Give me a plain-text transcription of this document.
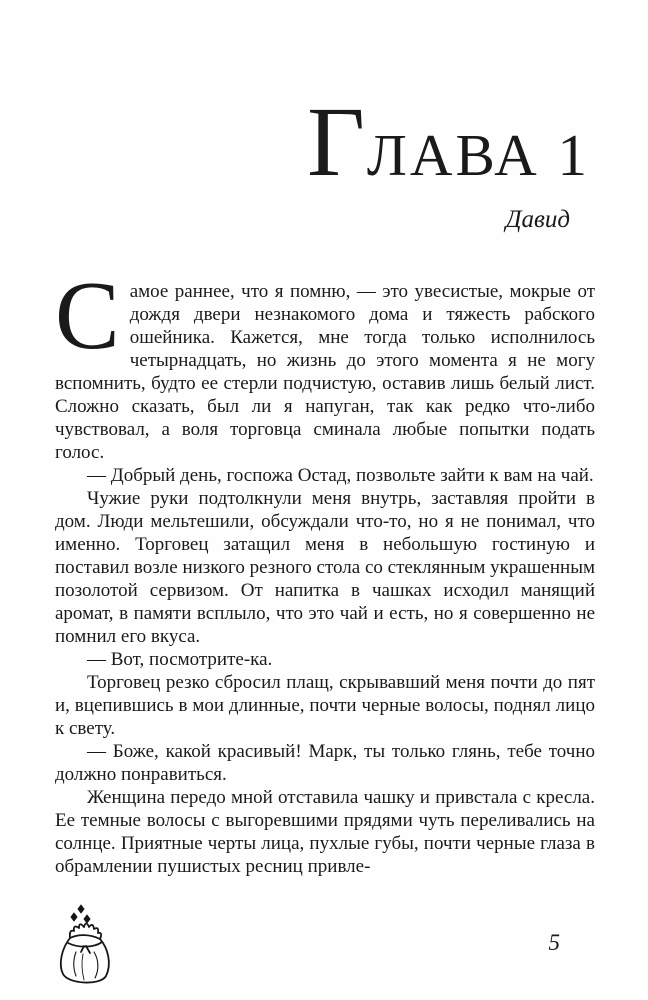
ГЛАВА 1
Давид

Самое раннее, что я помню, — это увесистые, мокрые от дождя двери незнакомого дома и тяжесть рабского ошейника. Кажется, мне тогда только исполнилось четырнадцать, но жизнь до этого момента я не могу вспомнить, будто ее стерли подчистую, оставив лишь белый лист. Сложно сказать, был ли я напуган, так как редко что-либо чувствовал, а воля торговца сминала любые попытки подать голос.

— Добрый день, госпожа Остад, позвольте зайти к вам на чай.

Чужие руки подтолкнули меня внутрь, заставляя пройти в дом. Люди мельтешили, обсуждали что-то, но я не понимал, что именно. Торговец затащил меня в небольшую гостиную и поставил возле низкого резного стола со стеклянным украшенным позолотой сервизом. От напитка в чашках исходил манящий аромат, в памяти всплыло, что это чай и есть, но я совершенно не помнил его вкуса.

— Вот, посмотрите-ка.

Торговец резко сбросил плащ, скрывавший меня почти до пят и, вцепившись в мои длинные, почти черные волосы, поднял лицо к свету.

— Боже, какой красивый! Марк, ты только глянь, тебе точно должно понравиться.

Женщина передо мной отставила чашку и привстала с кресла. Ее темные волосы с выгоревшими прядями чуть переливались на солнце. Приятные черты лица, пухлые губы, почти черные глаза в обрамлении пушистых ресниц привле-

5
